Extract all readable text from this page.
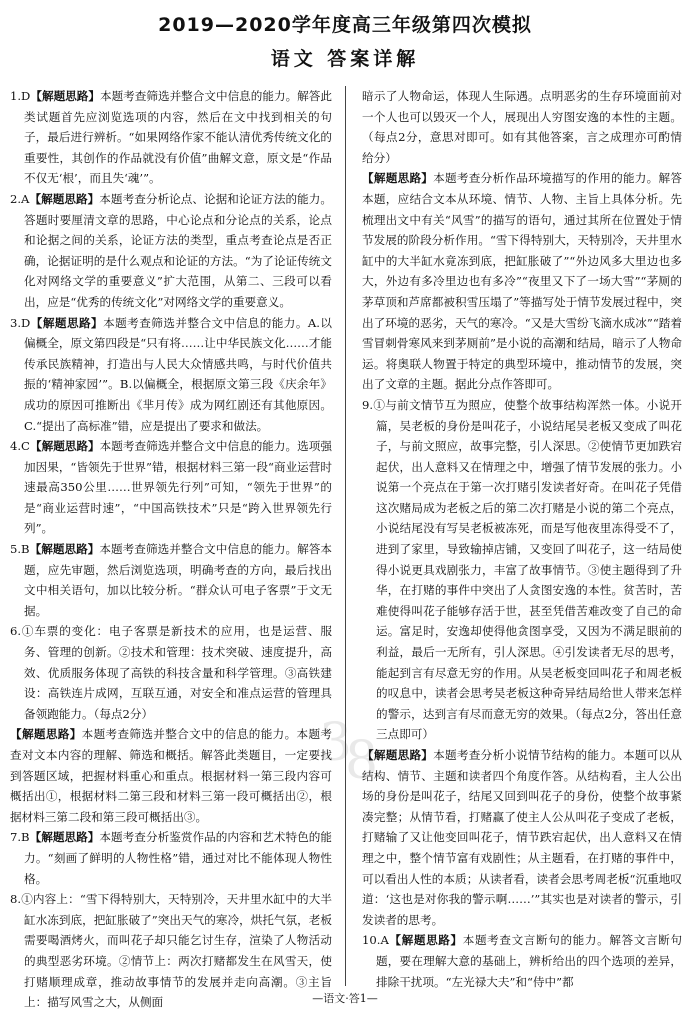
2019—2020学年度高三年级第四次模拟
语文 答案详解

1.D【解题思路】本题考查筛选并整合文中信息的能力。解答此类试题首先应浏览选项的内容，然后在文中找到相关的句子，最后进行辨析。“如果网络作家不能认清优秀传统文化的重要性，其创作的作品就没有价值”曲解文意，原文是“作品不仅无‘根’，而且失‘魂’”。

2.A【解题思路】本题考查分析论点、论据和论证方法的能力。答题时要厘清文章的思路，中心论点和分论点的关系，论点和论据之间的关系，论证方法的类型，重点考查论点是否正确，论据证明的是什么观点和论证的方法。“为了论证传统文化对网络文学的重要意义”扩大范围，从第二、三段可以看出，应是“优秀的传统文化”对网络文学的重要意义。

3.D【解题思路】本题考查筛选并整合文中信息的能力。A.以偏概全，原文第四段是“只有将……让中华民族文化……才能传承民族精神，打造出与人民大众情感共鸣，与时代价值共振的‘精神家园’”。B.以偏概全，根据原文第三段《庆余年》成功的原因可推断出《芈月传》成为网红剧还有其他原因。C.“提出了高标准”错，应是提出了要求和做法。

4.C【解题思路】本题考查筛选并整合文中信息的能力。选项强加因果，“皆领先于世界”错，根据材料三第一段“商业运营时速最高350公里……世界领先行列”可知，“领先于世界”的是“商业运营时速”，“中国高铁技术”只是“跨入世界领先行列”。

5.B【解题思路】本题考查筛选并整合文中信息的能力。解答本题，应先审题，然后浏览选项，明确考查的方向，最后找出文中相关语句，加以比较分析。“群众认可电子客票”于文无据。

6.①车票的变化：电子客票是新技术的应用，也是运营、服务、管理的创新。②技术和管理：技术突破、速度提升，高效、优质服务体现了高铁的科技含量和科学管理。③高铁建设：高铁连片成网，互联互通，对安全和准点运营的管理具备领跑能力。（每点2分）

【解题思路】本题考查筛选并整合文中的信息的能力。本题考查对文本内容的理解、筛选和概括。解答此类题目，一定要找到答题区域，把握材料重心和重点。根据材料一第三段内容可概括出①，根据材料二第三段和材料三第一段可概括出②，根据材料三第二段和第三段可概括出③。

7.B【解题思路】本题考查分析鉴赏作品的内容和艺术特色的能力。“刻画了鲜明的人物性格”错，通过对比不能体现人物性格。

8.①内容上：“雪下得特别大，天特别冷，天井里水缸中的大半缸水冻到底，把缸胀破了”突出天气的寒冷，烘托气氛，老板需要喝酒烤火，而叫花子却只能乞讨生存，渲染了人物活动的典型恶劣环境。②情节上：两次打赌都发生在风雪天，使打赌顺理成章，推动故事情节的发展并走向高潮。③主旨上：描写风雪之大，从侧面

暗示了人物命运，体现人生际遇。点明恶劣的生存环境面前对一个人也可以毁灭一个人，展现出人穷图安逸的本性的主题。（每点2分，意思对即可。如有其他答案，言之成理亦可酌情给分）

【解题思路】本题考查分析作品环境描写的作用的能力。解答本题，应结合文本从环境、情节、人物、主旨上具体分析。先梳理出文中有关“风雪”的描写的语句，通过其所在位置处于情节发展的阶段分析作用。“雪下得特别大，天特别冷，天井里水缸中的大半缸水竟冻到底，把缸胀破了”“外边风多大里边也多大，外边有多冷里边也有多冷”“夜里又下了一场大雪”“茅厕的茅草顶和芦席都被积雪压塌了”等描写处于情节发展过程中，突出了环境的恶劣，天气的寒冷。“又是大雪纷飞滴水成冰”“踏着雪冒刺骨寒风来到茅厕前”是小说的高潮和结局，暗示了人物命运。将奥联人物置于特定的典型环境中，推动情节的发展，突出了文章的主题。据此分点作答即可。

9.①与前文情节互为照应，使整个故事结构浑然一体。小说开篇，吴老板的身份是叫花子，小说结尾吴老板又变成了叫花子，与前文照应，故事完整，引人深思。②使情节更加跌宕起伏，出人意料又在情理之中，增强了情节发展的张力。小说第一个亮点在于第一次打赌引发读者好奇。在叫花子凭借这次赌局成为老板之后的第二次打赌是小说的第二个亮点，小说结尾没有写吴老板被冻死，而是写他夜里冻得受不了，进到了家里，导致输掉店铺，又变回了叫花子，这一结局使得小说更具戏剧张力，丰富了故事情节。③使主题得到了升华，在打赌的事件中突出了人贪图安逸的本性。贫苦时，苦难使得叫花子能够存活于世，甚至凭借苦难改变了自己的命运。富足时，安逸却使得他贪图享受，又因为不满足眼前的利益，最后一无所有，引人深思。④引发读者无尽的思考，能起到言有尽意无穷的作用。从吴老板变回叫花子和周老板的叹息中，读者会思考吴老板这种奇异结局给世人带来怎样的警示，达到言有尽而意无穷的效果。（每点2分，答出任意三点即可）

【解题思路】本题考查分析小说情节结构的能力。本题可以从结构、情节、主题和读者四个角度作答。从结构看，主人公出场的身份是叫花子，结尾又回到叫花子的身份，使整个故事紧凑完整；从情节看，打赌赢了使主人公从叫花子变成了老板，打赌输了又让他变回叫花子，情节跌宕起伏，出人意料又在情理之中，整个情节富有戏剧性；从主题看，在打赌的事件中，可以看出人性的本质；从读者看，读者会思考周老板“沉重地叹道：‘这也是对你我的警示啊……’”其实也是对读者的警示，引发读者的思考。

10.A【解题思路】本题考查文言断句的能力。解答文言断句题，要在理解大意的基础上，辨析给出的四个选项的差异，排除干扰项。“左光禄大夫”和“侍中”都

3
8
—语文·答1—
